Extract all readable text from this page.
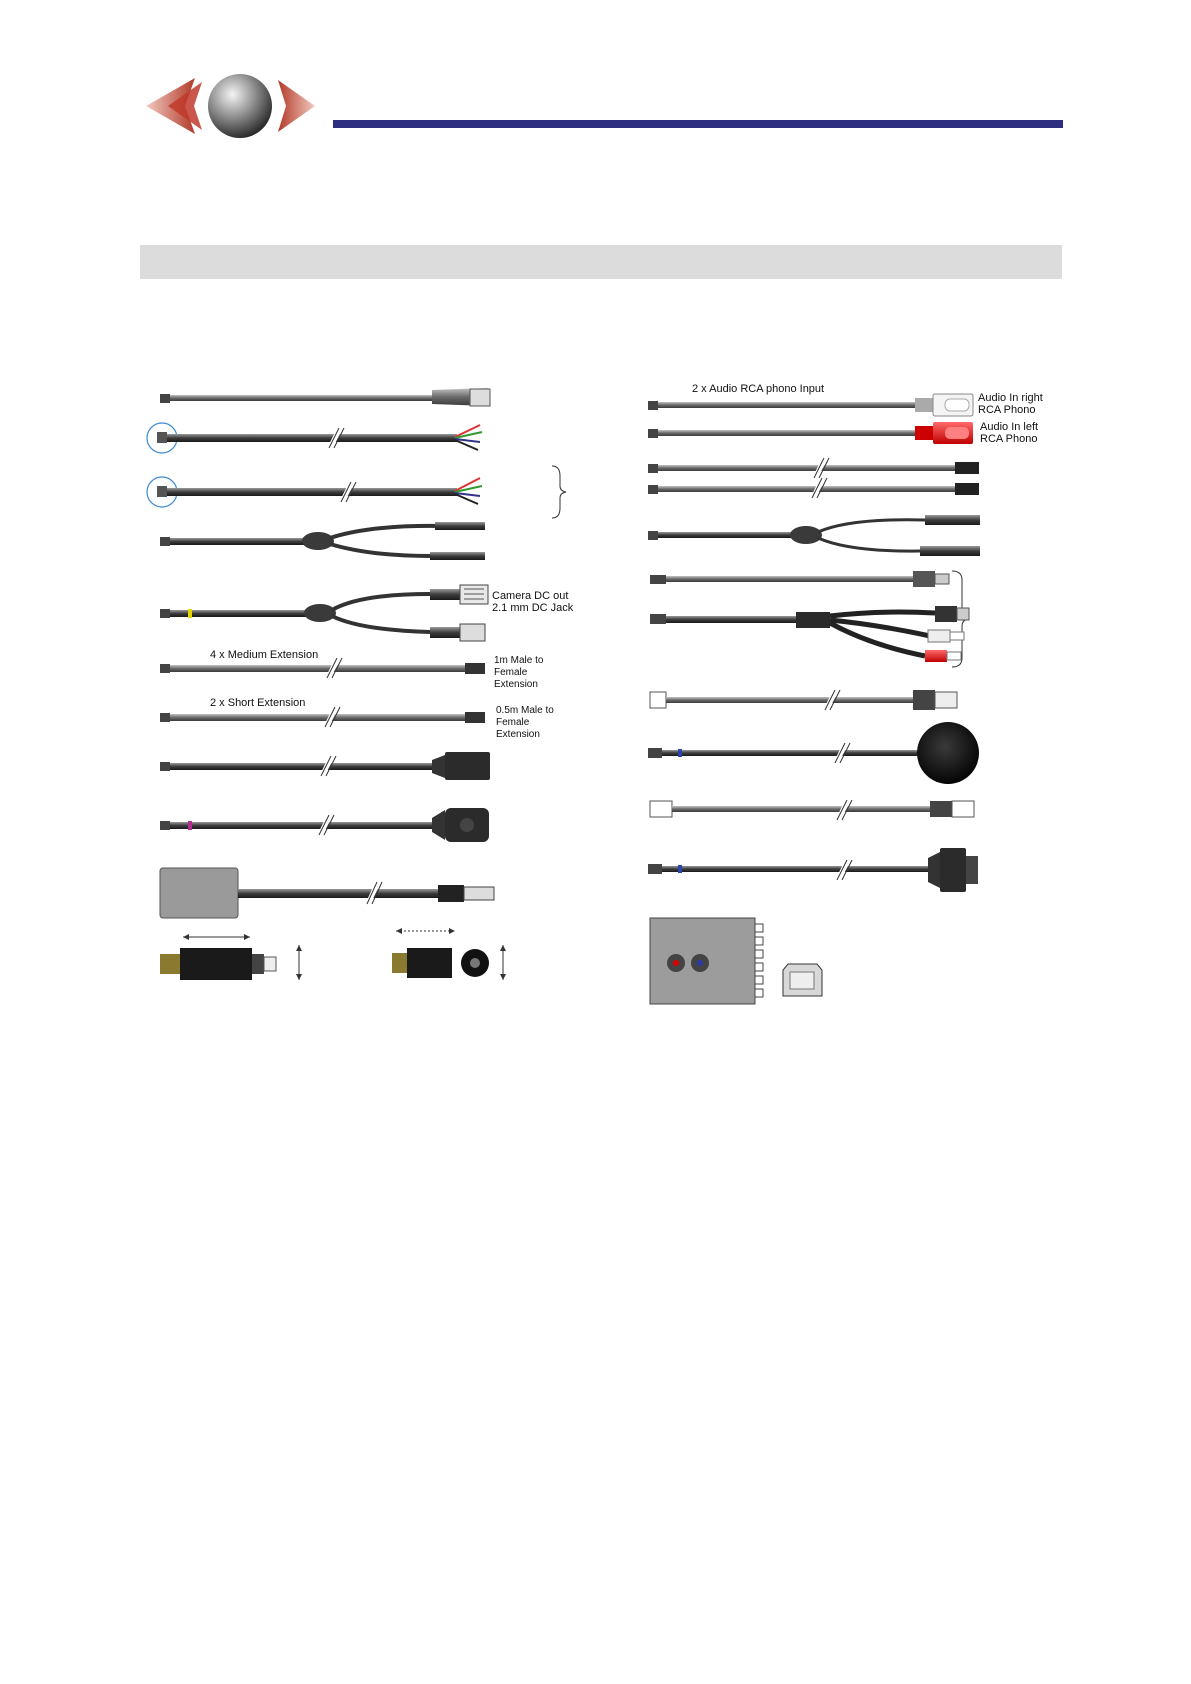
Camera DC out
2.1 mm DC Jack
4 x Medium Extension	1m Male to
Female
Extension
2 x Short Extension
0.5m Male to
Female
Extension
2 x Audio RCA phono Input
Audio In right
RCA Phono
Audio In left
RCA Phono
